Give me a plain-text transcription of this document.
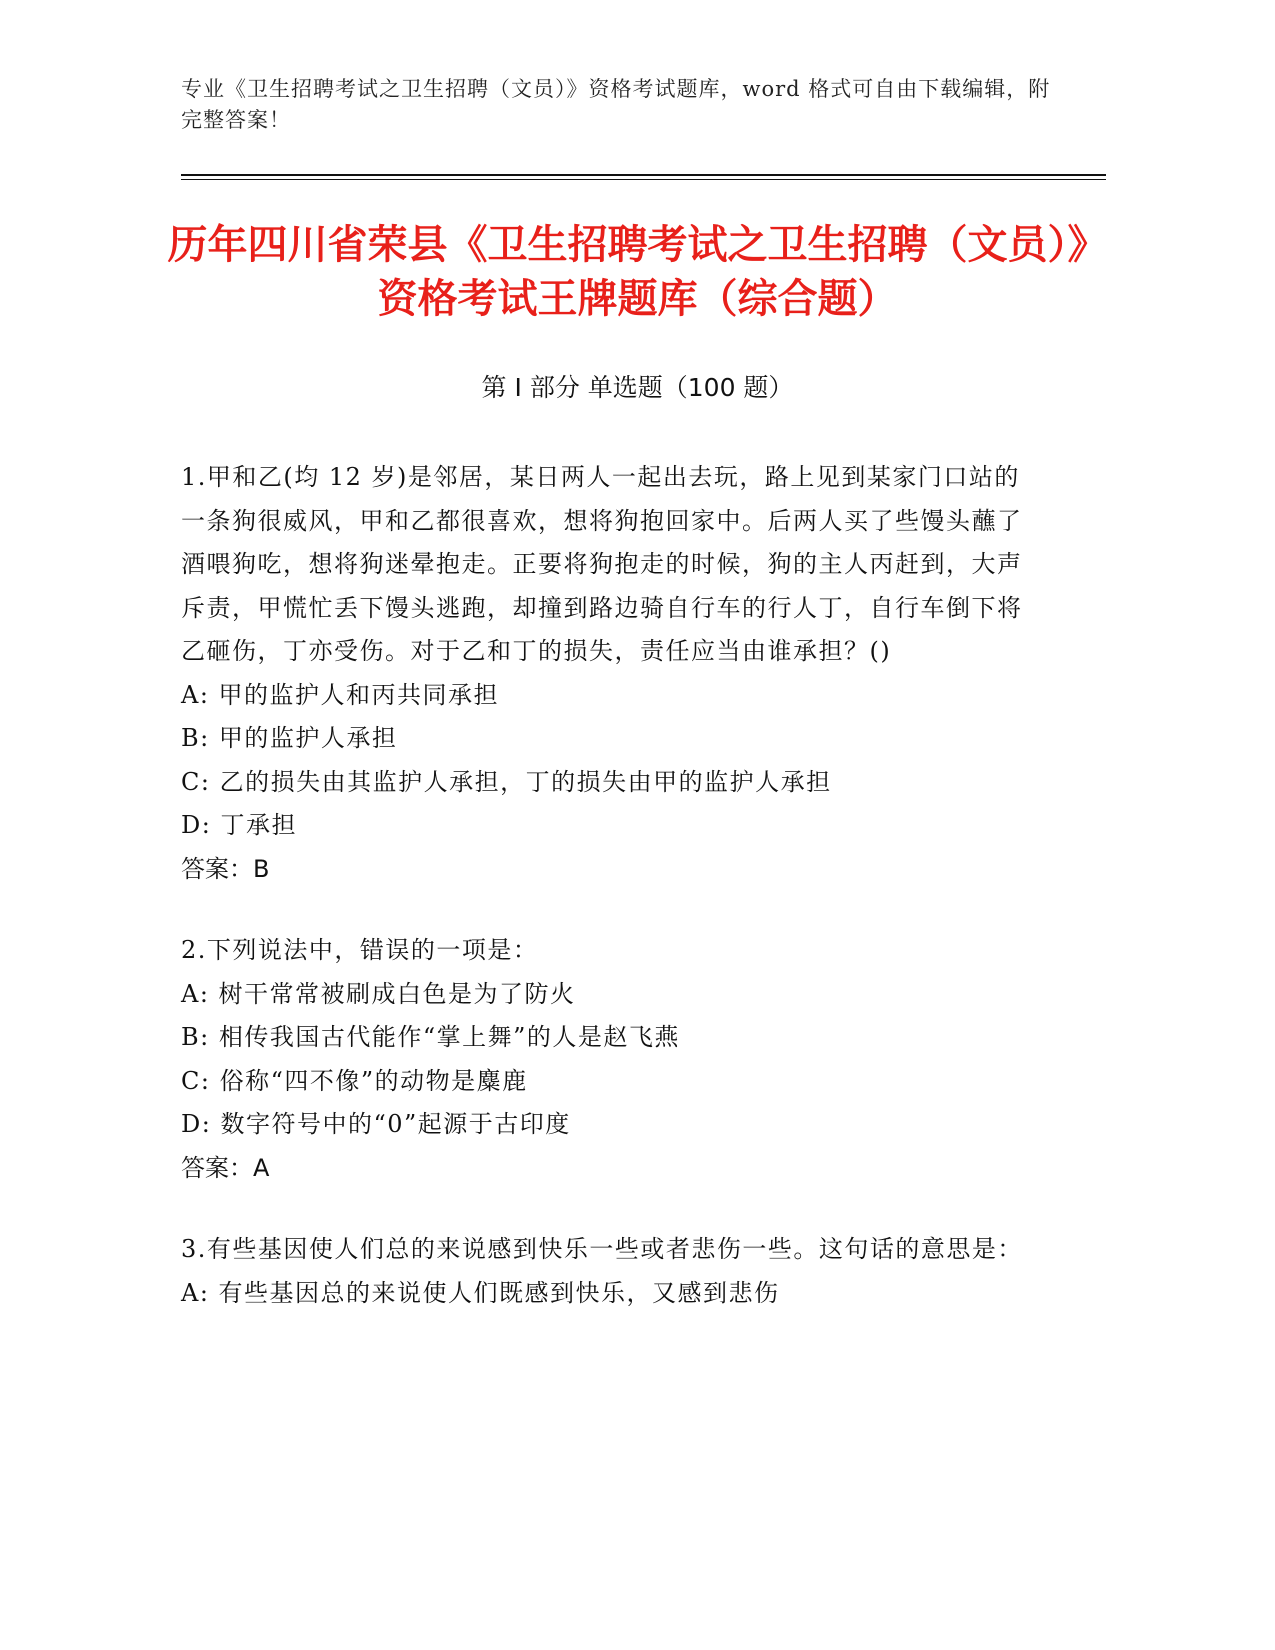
专业《卫生招聘考试之卫生招聘（文员）》资格考试题库，word 格式可自由下载编辑，附完整答案！
历年四川省荣县《卫生招聘考试之卫生招聘（文员）》资格考试王牌题库（综合题）
第 I 部分 单选题（100 题）

1.甲和乙(均 12 岁)是邻居，某日两人一起出去玩，路上见到某家门口站的一条狗很威风，甲和乙都很喜欢，想将狗抱回家中。后两人买了些馒头蘸了酒喂狗吃，想将狗迷晕抱走。正要将狗抱走的时候，狗的主人丙赶到，大声斥责，甲慌忙丢下馒头逃跑，却撞到路边骑自行车的行人丁，自行车倒下将乙砸伤，丁亦受伤。对于乙和丁的损失，责任应当由谁承担？()

A: 甲的监护人和丙共同承担

B: 甲的监护人承担

C: 乙的损失由其监护人承担，丁的损失由甲的监护人承担

D: 丁承担

答案：B

2.下列说法中，错误的一项是：

A: 树干常常被刷成白色是为了防火

B: 相传我国古代能作“掌上舞”的人是赵飞燕

C: 俗称“四不像”的动物是麋鹿

D: 数字符号中的“0”起源于古印度

答案：A

3.有些基因使人们总的来说感到快乐一些或者悲伤一些。这句话的意思是：

A: 有些基因总的来说使人们既感到快乐，又感到悲伤
